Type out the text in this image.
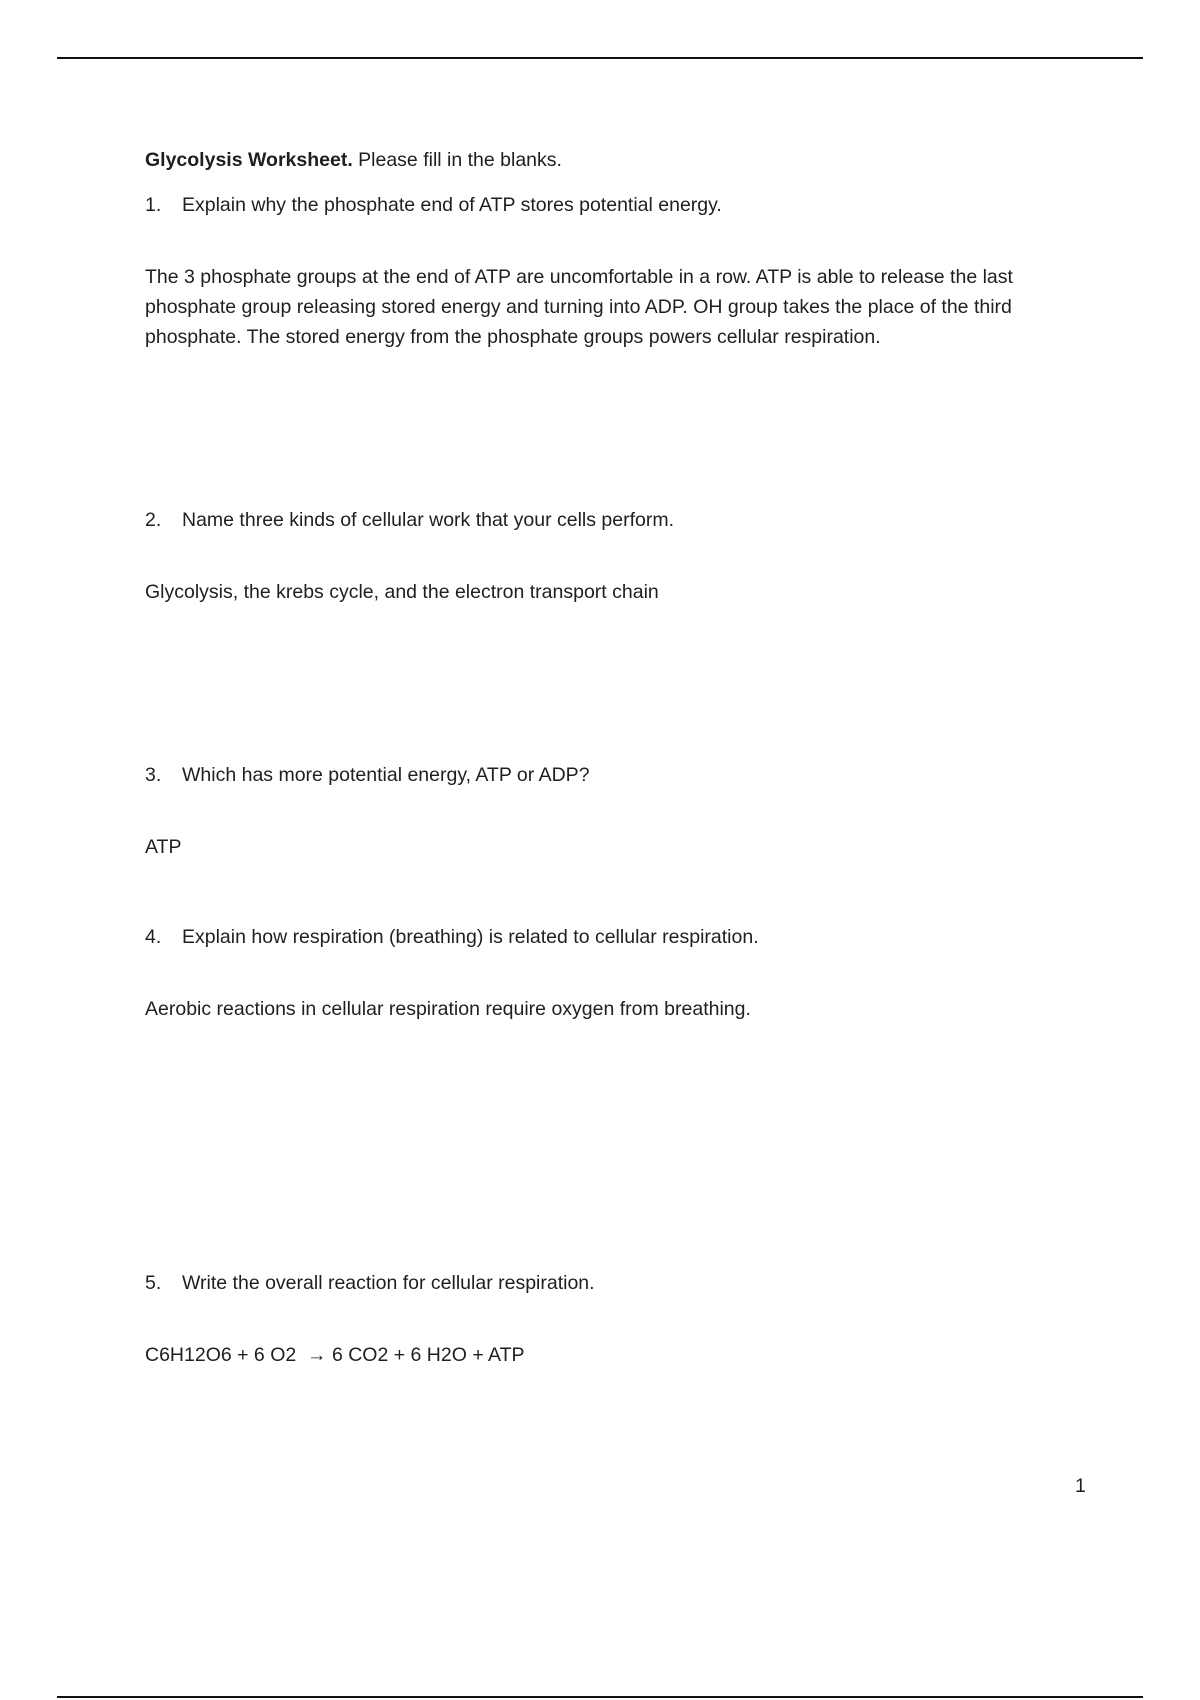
Glycolysis Worksheet. Please fill in the blanks.

1.	Explain why the phosphate end of ATP stores potential energy.

The 3 phosphate groups at the end of ATP are uncomfortable in a row. ATP is able to release the last phosphate group releasing stored energy and turning into ADP. OH group takes the place of the third phosphate. The stored energy from the phosphate groups powers cellular respiration.

2.	Name three kinds of cellular work that your cells perform.

Glycolysis, the krebs cycle, and the electron transport chain

3.	Which has more potential energy, ATP or ADP?

ATP

4.	Explain how respiration (breathing) is related to cellular respiration.

Aerobic reactions in cellular respiration require oxygen from breathing.

5.	Write the overall reaction for cellular respiration.

C6H12O6 + 6 O2  → 6 CO2 + 6 H2O + ATP

1
